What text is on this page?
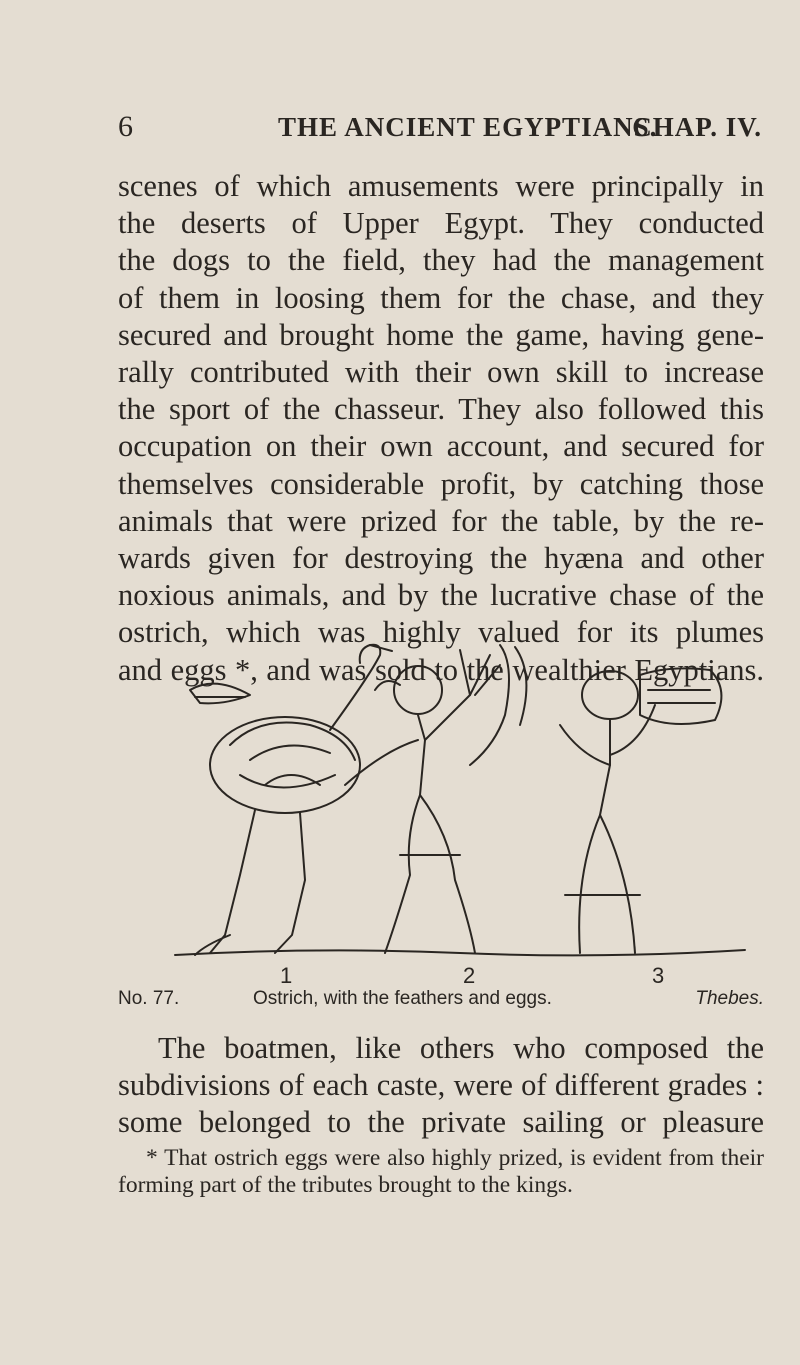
6	THE ANCIENT EGYPTIANS.
CHAP. IV.
scenes of which amusements were principally in
the deserts of Upper Egypt. They conducted
the dogs to the field, they had the management
of them in loosing them for the chase, and they
secured and brought home the game, having gene-
rally contributed with their own skill to increase
the sport of the chasseur. They also followed this
occupation on their own account, and secured for
themselves considerable profit, by catching those
animals that were prized for the table, by the re-
wards given for destroying the hyæna and other
noxious animals, and by the lucrative chase of the
ostrich, which was highly valued for its plumes
and eggs *, and was sold to the wealthier Egyptians.
1	2	3
No. 77.	Ostrich, with the feathers and eggs.	Thebes.
The boatmen, like others who composed the
subdivisions of each caste, were of different grades :
some belonged to the private sailing or pleasure
* That ostrich eggs were also highly prized, is evident from their
forming part of the tributes brought to the kings.
